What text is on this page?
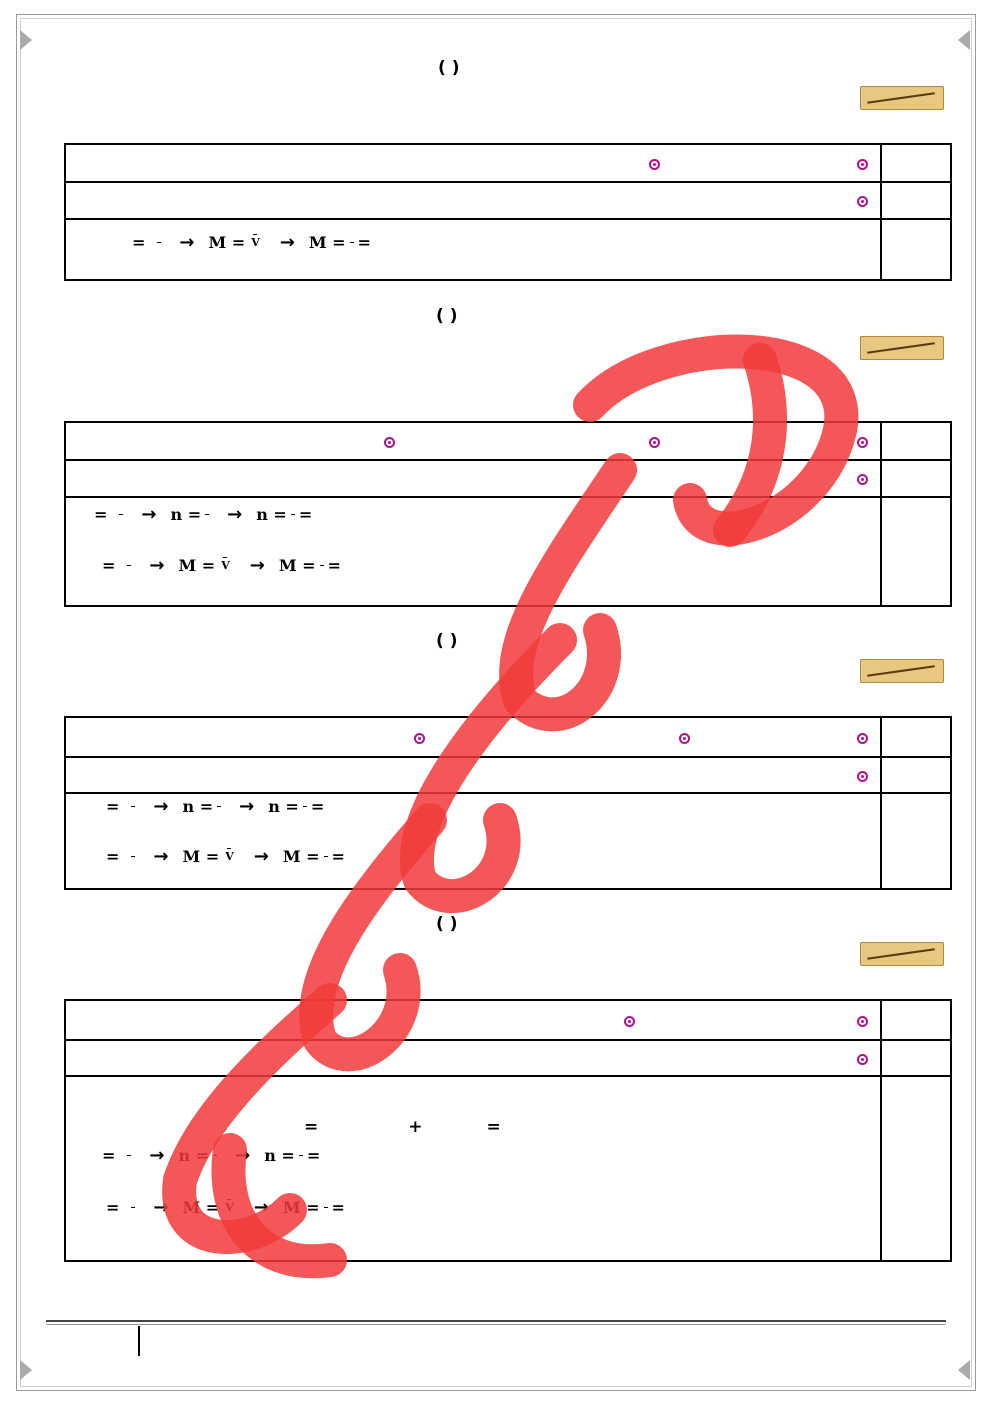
( )
= → M = V → M = =
( )
= → n = → n = =
= → M = V → M = =
( )
= → n = → n = =
= → M = V → M = =
( )
=	+	=
= → n = → n = =
= → M = V → M = =
